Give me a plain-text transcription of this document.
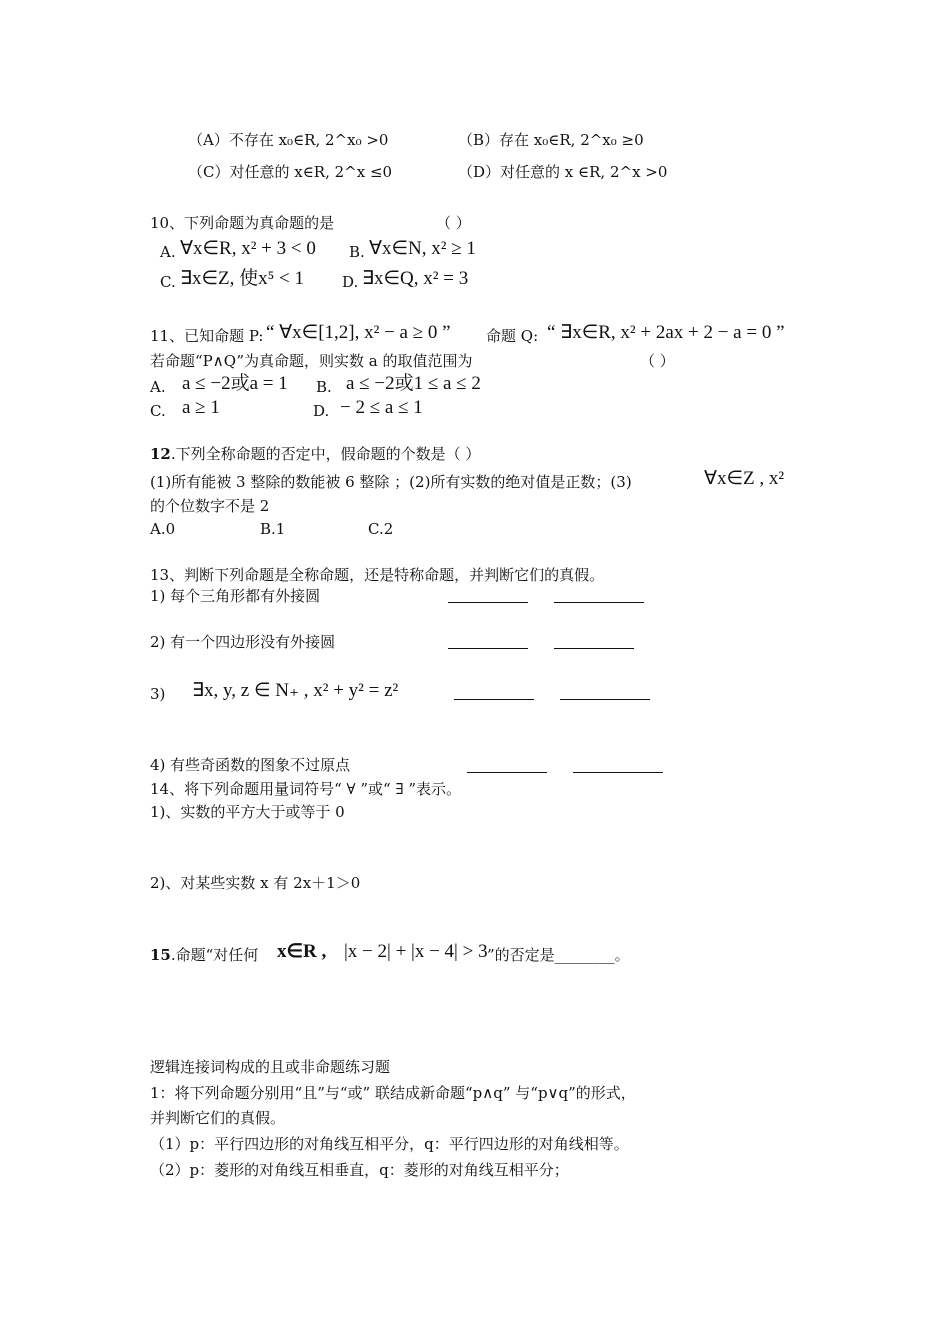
（A）不存在 x₀∈R, 2^x₀ >0	（B）存在 x₀∈R, 2^x₀ ≥0
（C）对任意的 x∈R, 2^x ≤0	（D）对任意的 x ∈R, 2^x >0
10、下列命题为真命题的是	（ ）
A. ∀x∈R, x² + 3 < 0 B. ∀x∈N, x² ≥ 1
C. ∃x∈Z, 使x⁵ < 1	D. ∃x∈Q, x² = 3
11、已知命题 P: “ ∀x∈[1,2], x² − a ≥ 0 ” 命题 Q: “ ∃x∈R, x² + 2ax + 2 − a = 0 ”
若命题“P∧Q”为真命题，则实数 a 的取值范围为	（ ）
A. a ≤ −2或a = 1 B. a ≤ −2或1 ≤ a ≤ 2
C. a ≥ 1	D. − 2 ≤ a ≤ 1
12.下列全称命题的否定中，假命题的个数是（ ）
(1)所有能被 3 整除的数能被 6 整除 ；(2)所有实数的绝对值是正数；(3)	∀x∈Z , x²
的个位数字不是 2
A.0	B.1	C.2
13、判断下列命题是全称命题，还是特称命题，并判断它们的真假。
1) 每个三角形都有外接圆
2) 有一个四边形没有外接圆
3) ∃x, y, z ∈ N₊ , x² + y² = z²
4) 有些奇函数的图象不过原点
14、将下列命题用量词符号“ ∀ ”或“ ∃ ”表示。
1)、实数的平方大于或等于 0
2)、对某些实数 x 有 2x＋1＞0
15.命题“对任何 x∈R , |x − 2| + |x − 4| > 3 ”的否定是________。
逻辑连接词构成的且或非命题练习题
1：将下列命题分别用“且”与“或” 联结成新命题“p∧q” 与“p∨q”的形式，
并判断它们的真假。
（1）p：平行四边形的对角线互相平分，q：平行四边形的对角线相等。
（2）p：菱形的对角线互相垂直，q：菱形的对角线互相平分；
